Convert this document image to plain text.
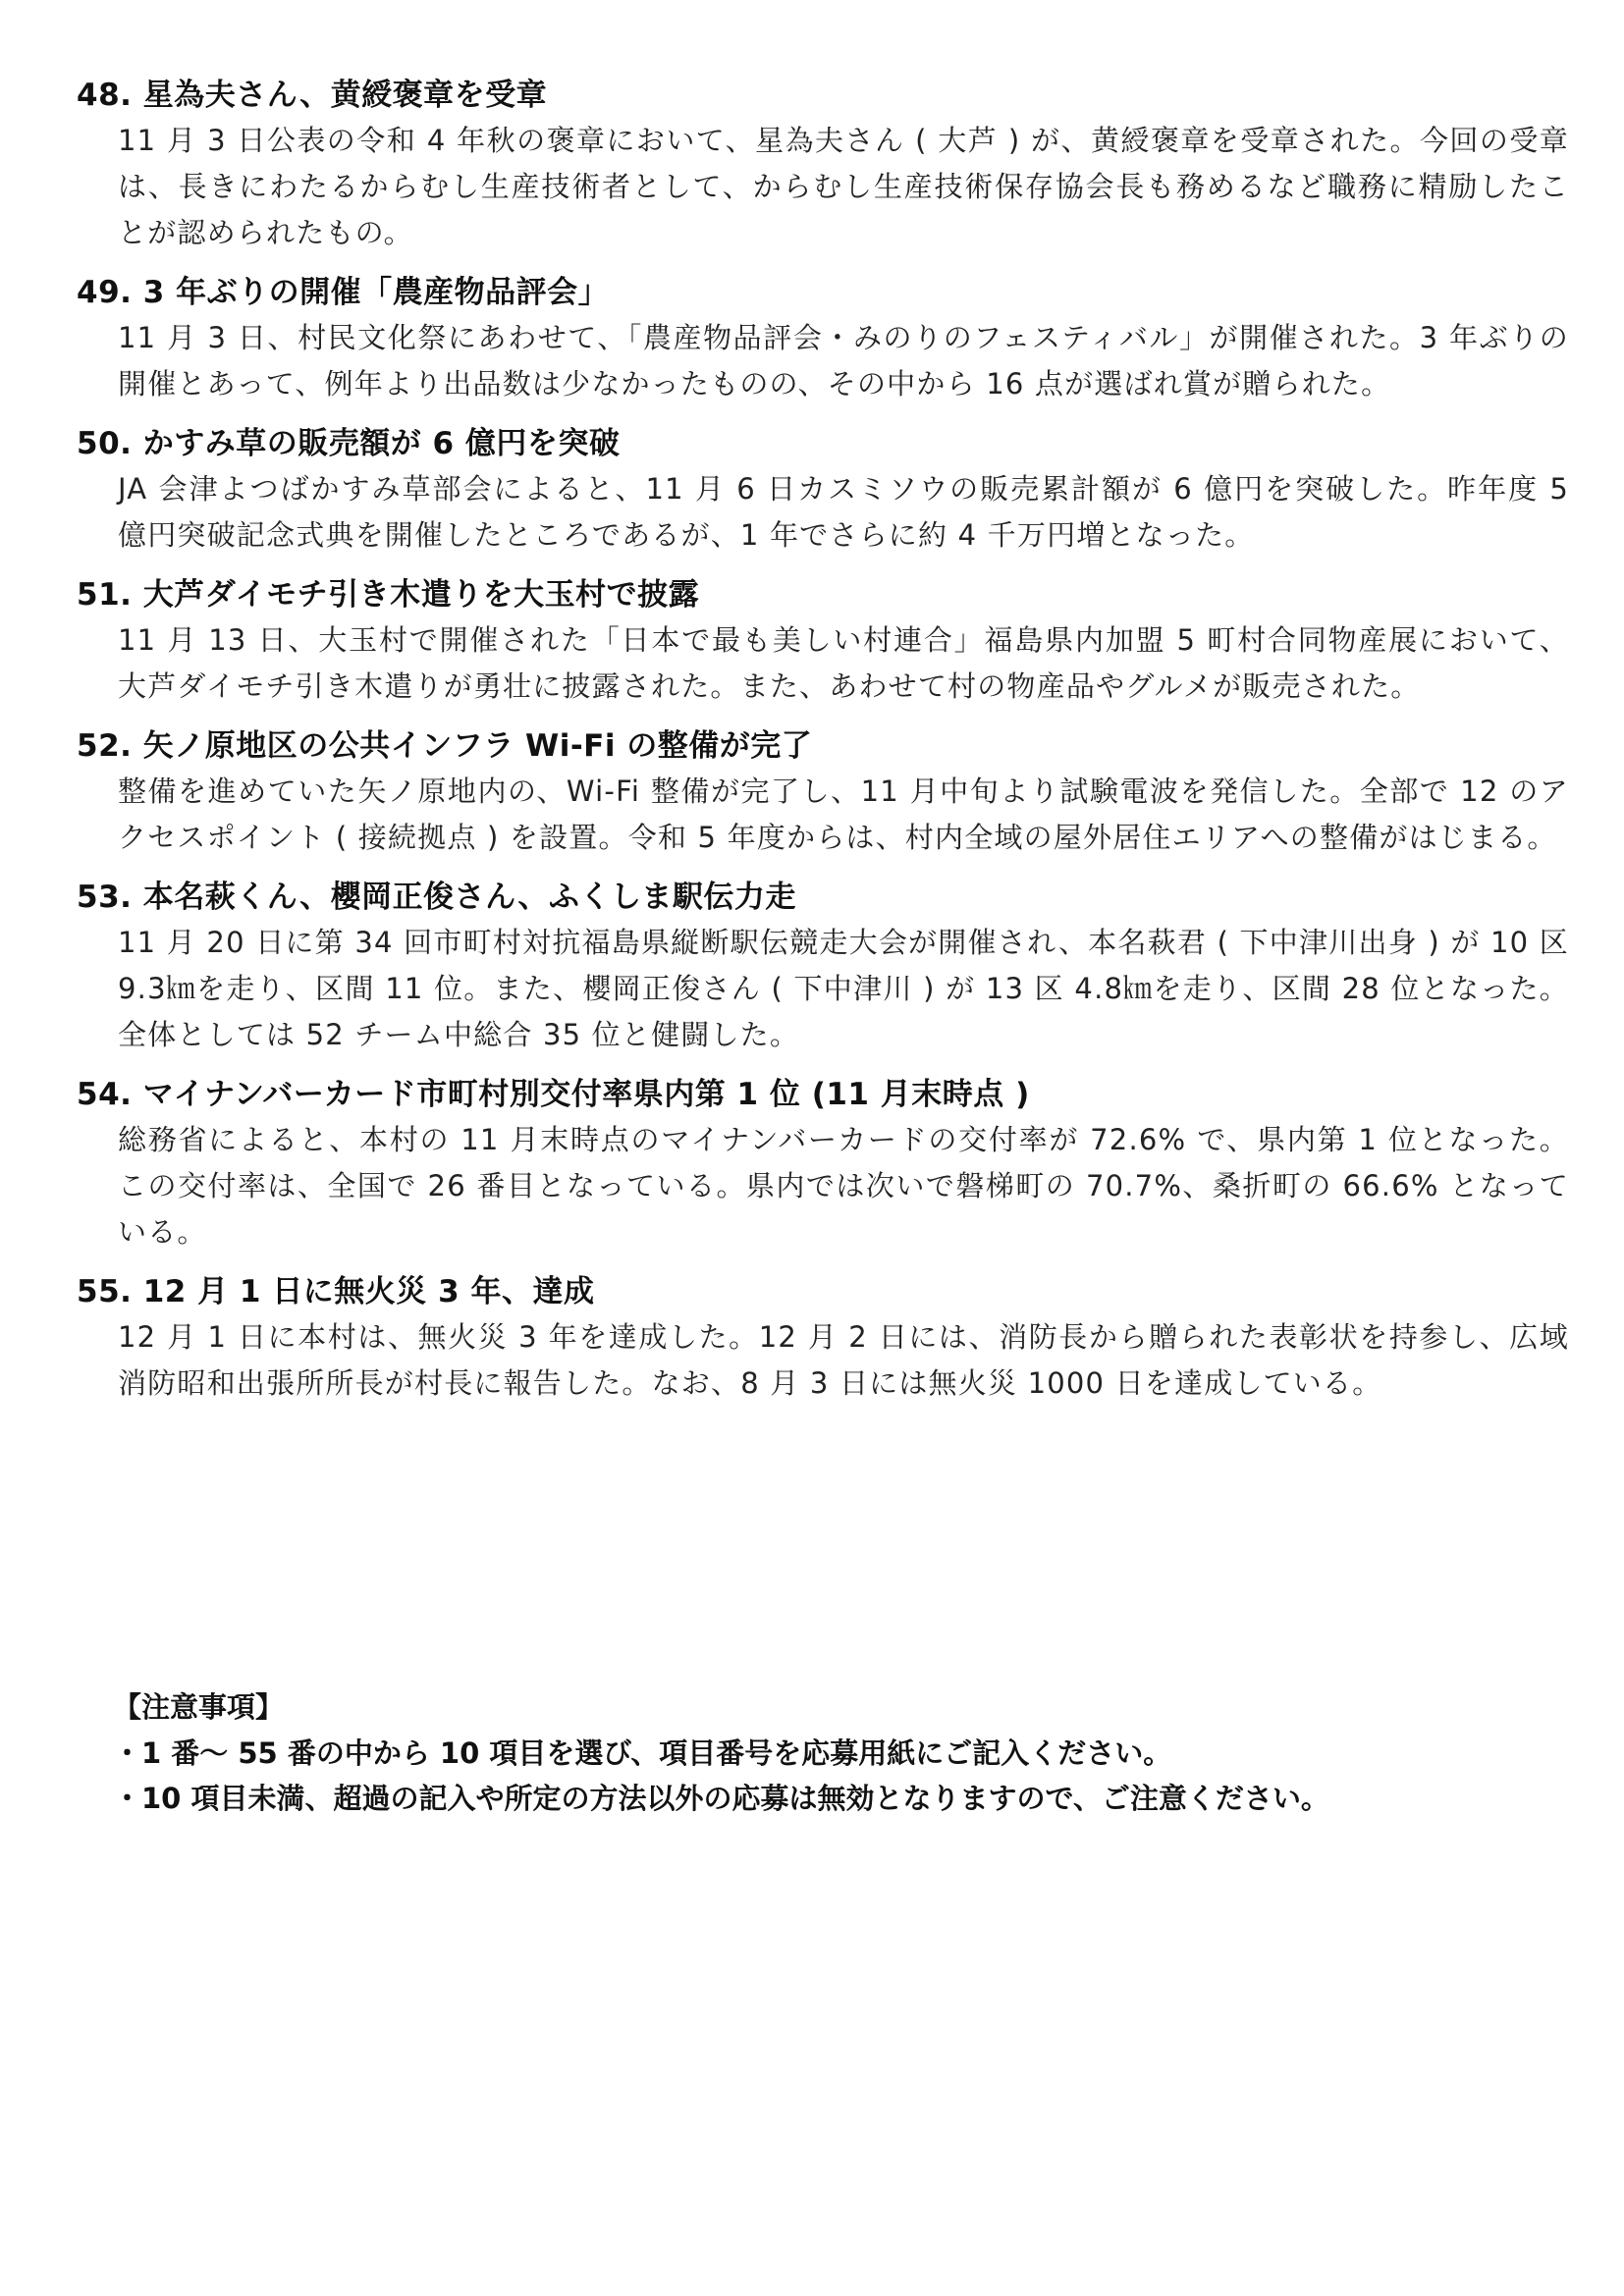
48. 星為夫さん、黄綬褒章を受章
11 月 3 日公表の令和 4 年秋の褒章において、星為夫さん ( 大芦 ) が、黄綬褒章を受章された。今回の受章は、長きにわたるからむし生産技術者として、からむし生産技術保存協会長も務めるなど職務に精励したことが認められたもの。
49. 3 年ぶりの開催「農産物品評会」
11 月 3 日、村民文化祭にあわせて、「農産物品評会・みのりのフェスティバル」が開催された。3 年ぶりの開催とあって、例年より出品数は少なかったものの、その中から 16 点が選ばれ賞が贈られた。
50. かすみ草の販売額が 6 億円を突破
JA 会津よつばかすみ草部会によると、11 月 6 日カスミソウの販売累計額が 6 億円を突破した。昨年度 5 億円突破記念式典を開催したところであるが、1 年でさらに約 4 千万円増となった。
51. 大芦ダイモチ引き木遣りを大玉村で披露
11 月 13 日、大玉村で開催された「日本で最も美しい村連合」福島県内加盟 5 町村合同物産展において、大芦ダイモチ引き木遣りが勇壮に披露された。また、あわせて村の物産品やグルメが販売された。
52. 矢ノ原地区の公共インフラ Wi-Fi の整備が完了
整備を進めていた矢ノ原地内の、Wi-Fi 整備が完了し、11 月中旬より試験電波を発信した。全部で 12 のアクセスポイント ( 接続拠点 ) を設置。令和 5 年度からは、村内全域の屋外居住エリアへの整備がはじまる。
53. 本名萩くん、櫻岡正俊さん、ふくしま駅伝力走
11 月 20 日に第 34 回市町村対抗福島県縦断駅伝競走大会が開催され、本名萩君 ( 下中津川出身 ) が 10 区 9.3㎞を走り、区間 11 位。また、櫻岡正俊さん ( 下中津川 ) が 13 区 4.8㎞を走り、区間 28 位となった。全体としては 52 チーム中総合 35 位と健闘した。
54. マイナンバーカード市町村別交付率県内第 1 位 (11 月末時点 )
総務省によると、本村の 11 月末時点のマイナンバーカードの交付率が 72.6% で、県内第 1 位となった。この交付率は、全国で 26 番目となっている。県内では次いで磐梯町の 70.7%、桑折町の 66.6% となっている。
55. 12 月 1 日に無火災 3 年、達成
12 月 1 日に本村は、無火災 3 年を達成した。12 月 2 日には、消防長から贈られた表彰状を持参し、広域消防昭和出張所所長が村長に報告した。なお、8 月 3 日には無火災 1000 日を達成している。
【注意事項】
・1 番～ 55 番の中から 10 項目を選び、項目番号を応募用紙にご記入ください。
・10 項目未満、超過の記入や所定の方法以外の応募は無効となりますので、ご注意ください。
